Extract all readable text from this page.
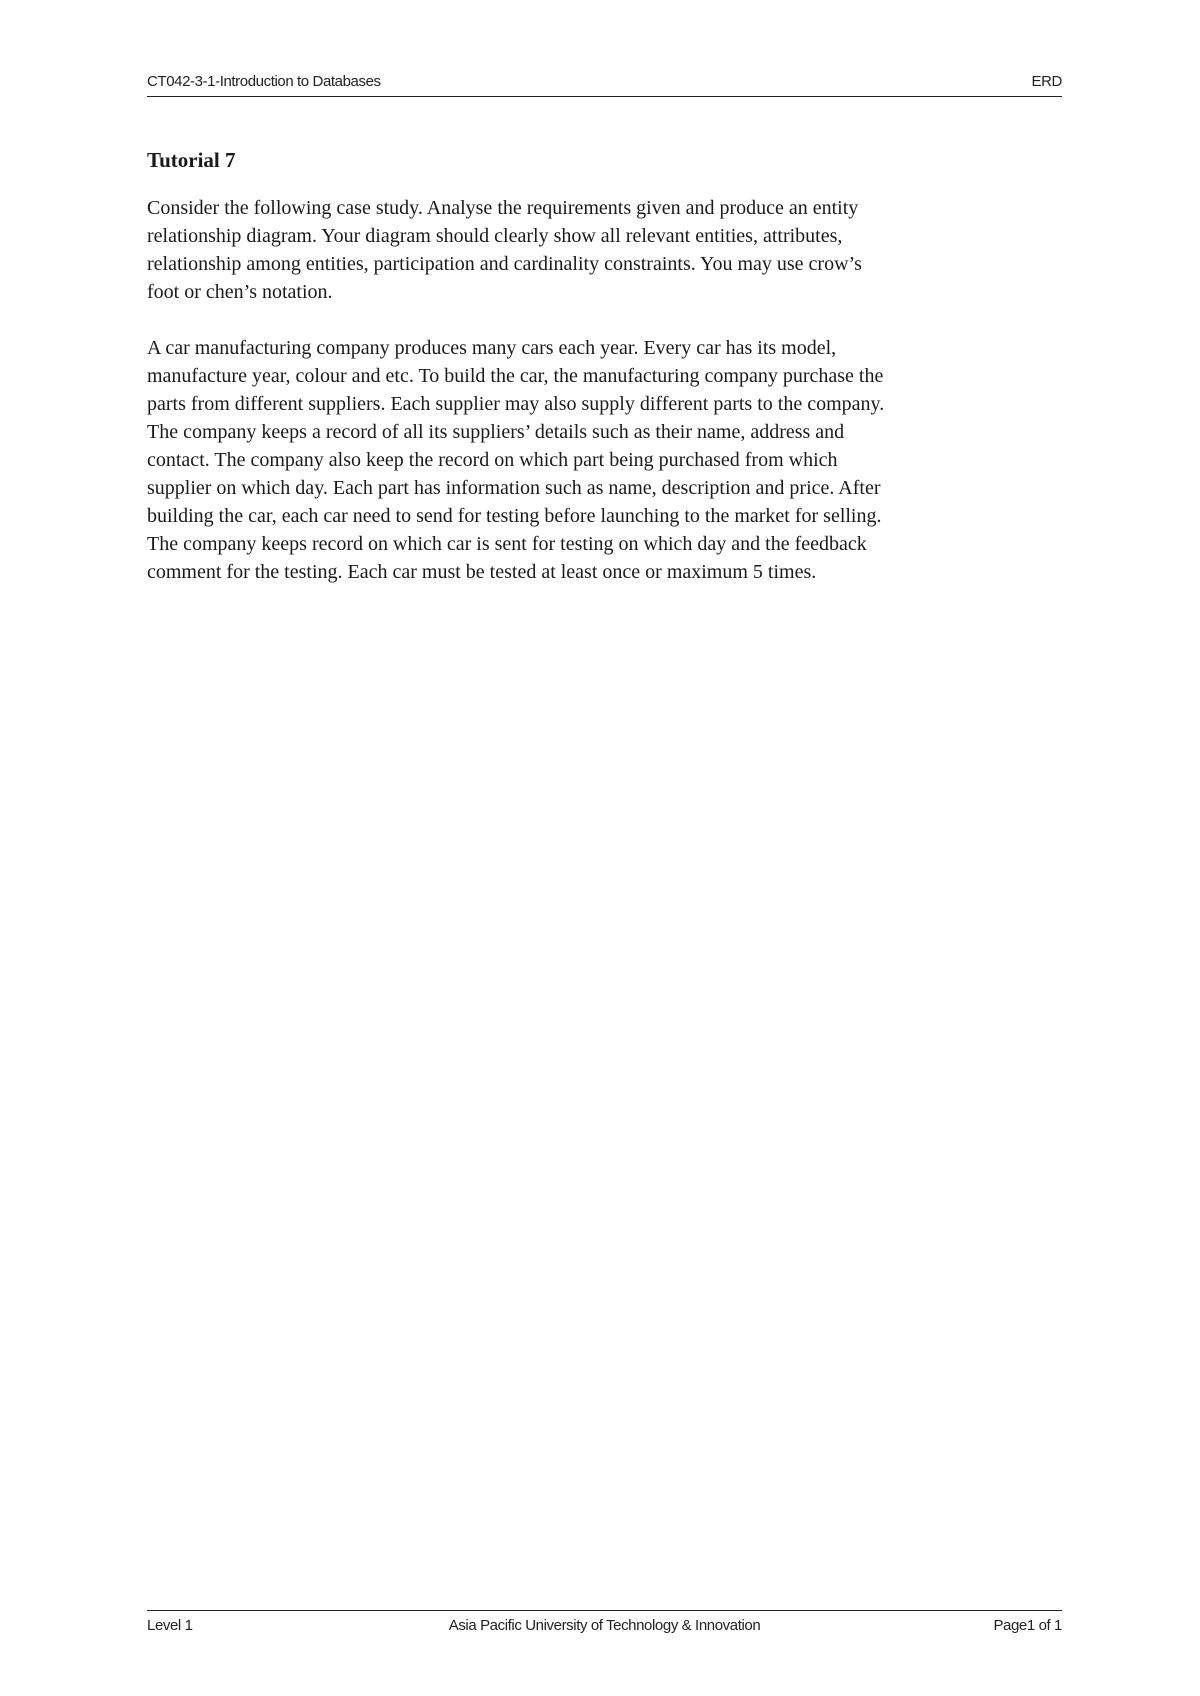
CT042-3-1-Introduction to Databases	ERD
Tutorial 7
Consider the following case study. Analyse the requirements given and produce an entity
relationship diagram. Your diagram should clearly show all relevant entities, attributes,
relationship among entities, participation and cardinality constraints. You may use crow’s
foot or chen’s notation.
A car manufacturing company produces many cars each year. Every car has its model,
manufacture year, colour and etc. To build the car, the manufacturing company purchase the
parts from different suppliers. Each supplier may also supply different parts to the company.
The company keeps a record of all its suppliers’ details such as their name, address and
contact. The company also keep the record on which part being purchased from which
supplier on which day. Each part has information such as name, description and price. After
building the car, each car need to send for testing before launching to the market for selling.
The company keeps record on which car is sent for testing on which day and the feedback
comment for the testing. Each car must be tested at least once or maximum 5 times.
Level 1	Asia Pacific University of Technology & Innovation	Page1 of 1
